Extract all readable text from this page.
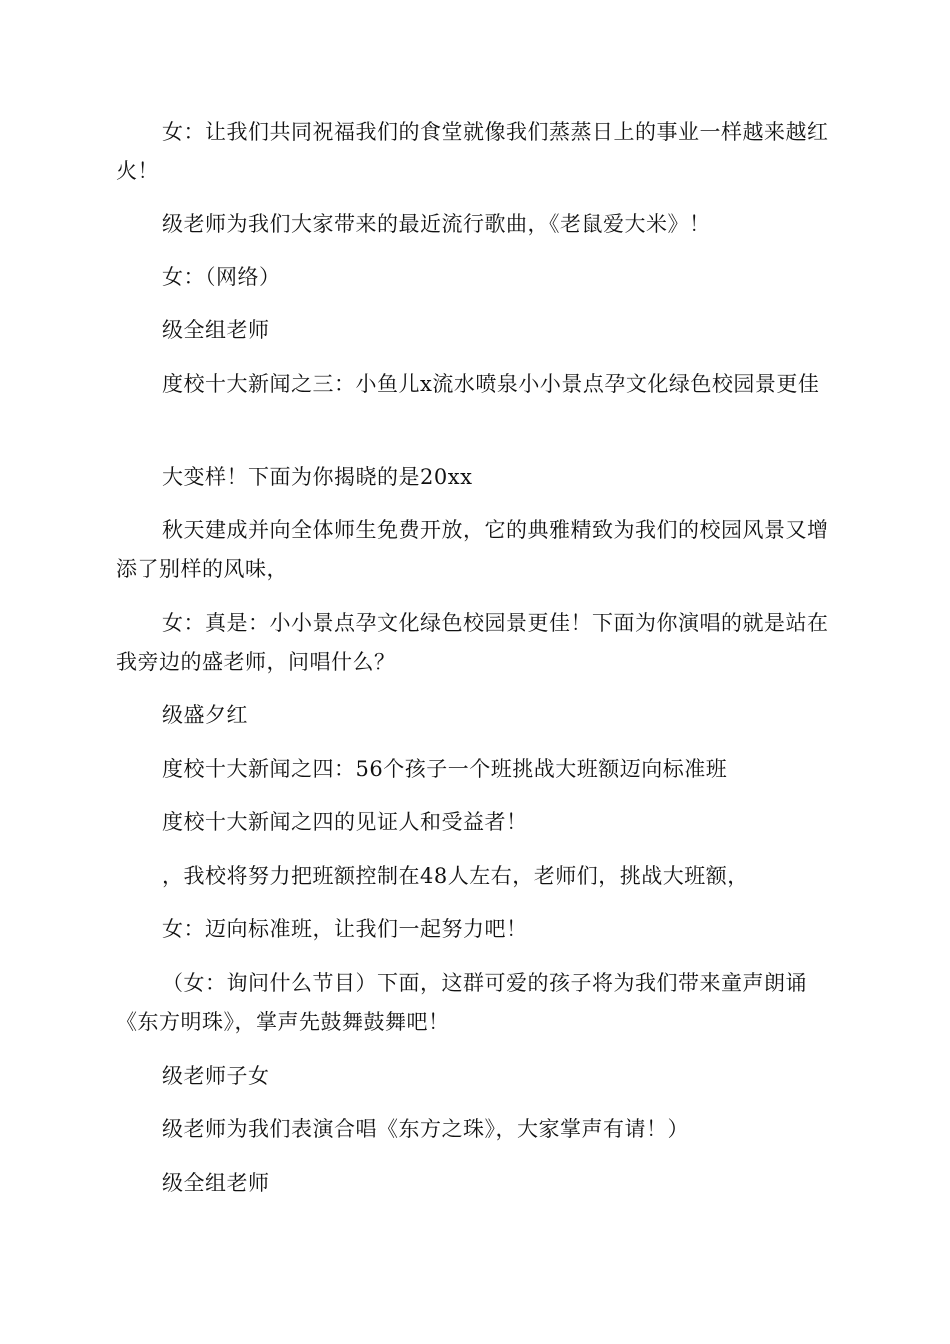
女：让我们共同祝福我们的食堂就像我们蒸蒸日上的事业一样越来越红火！

级老师为我们大家带来的最近流行歌曲，《老鼠爱大米》！

女：（网络）

级全组老师

度校十大新闻之三：小鱼儿x流水喷泉小小景点孕文化绿色校园景更佳

大变样！下面为你揭晓的是20xx

秋天建成并向全体师生免费开放，它的典雅精致为我们的校园风景又增添了别样的风味，

女：真是：小小景点孕文化绿色校园景更佳！下面为你演唱的就是站在我旁边的盛老师，问唱什么？

级盛夕红

度校十大新闻之四：56个孩子一个班挑战大班额迈向标准班

度校十大新闻之四的见证人和受益者！

，我校将努力把班额控制在48人左右，老师们，挑战大班额，

女：迈向标准班，让我们一起努力吧！

（女：询问什么节目）下面，这群可爱的孩子将为我们带来童声朗诵《东方明珠》，掌声先鼓舞鼓舞吧！

级老师子女

级老师为我们表演合唱《东方之珠》，大家掌声有请！）

级全组老师
